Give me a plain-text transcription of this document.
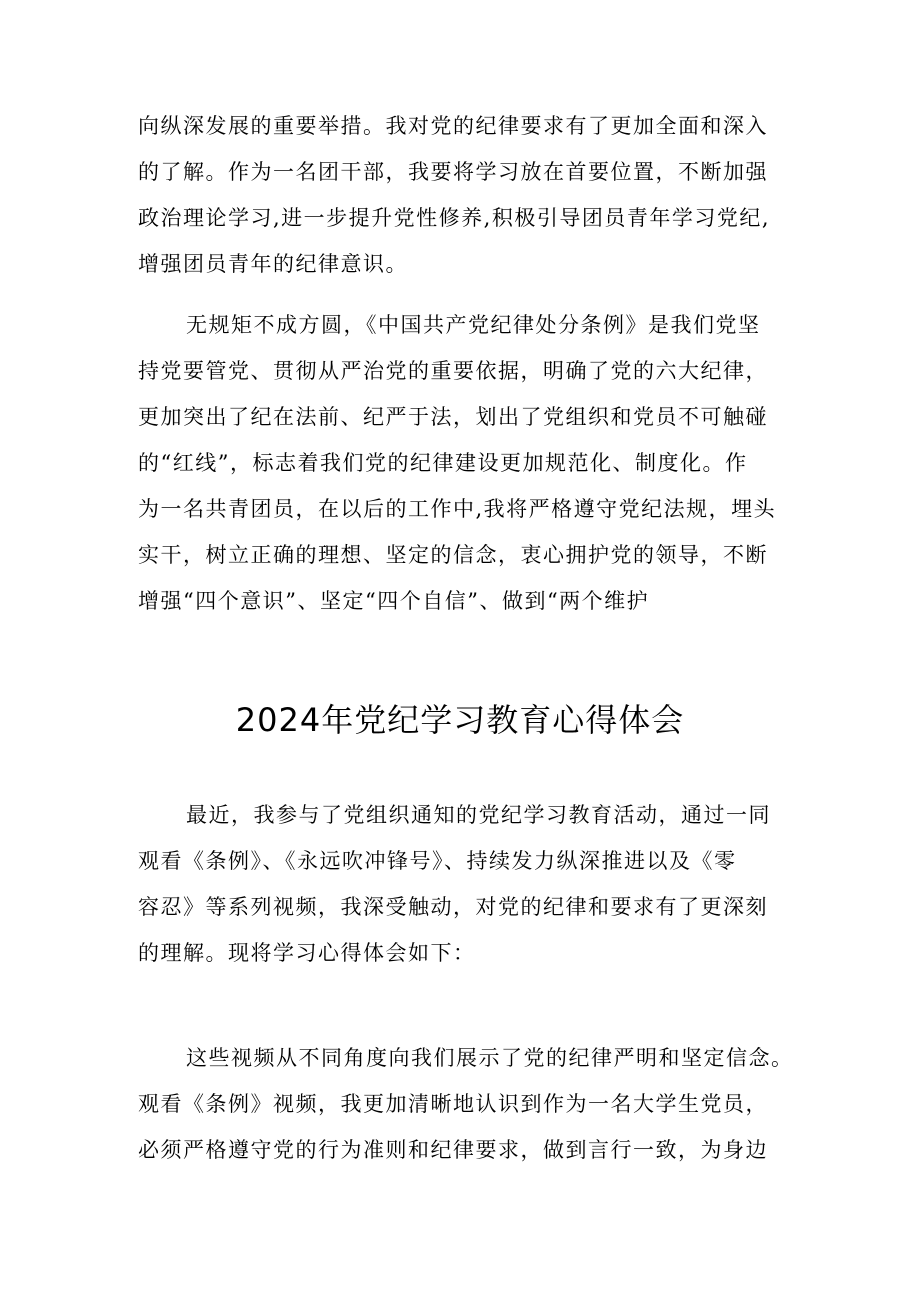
向纵深发展的重要举措。我对党的纪律要求有了更加全面和深入
的了解。作为一名团干部，我要将学习放在首要位置，不断加强
政治理论学习,进一步提升党性修养,积极引导团员青年学习党纪,
增强团员青年的纪律意识。
无规矩不成方圆，《中国共产党纪律处分条例》是我们党坚
持党要管党、贯彻从严治党的重要依据，明确了党的六大纪律，
更加突出了纪在法前、纪严于法，划出了党组织和党员不可触碰
的“红线”，标志着我们党的纪律建设更加规范化、制度化。作
为一名共青团员，在以后的工作中,我将严格遵守党纪法规，埋头
实干，树立正确的理想、坚定的信念，衷心拥护党的领导，不断
增强“四个意识”、坚定“四个自信”、做到“两个维护
2024年党纪学习教育心得体会
最近，我参与了党组织通知的党纪学习教育活动，通过一同
观看《条例》、《永远吹冲锋号》、持续发力纵深推进以及《零
容忍》等系列视频，我深受触动，对党的纪律和要求有了更深刻
的理解。现将学习心得体会如下：
这些视频从不同角度向我们展示了党的纪律严明和坚定信念。
观看《条例》视频，我更加清晰地认识到作为一名大学生党员，
必须严格遵守党的行为准则和纪律要求，做到言行一致，为身边
